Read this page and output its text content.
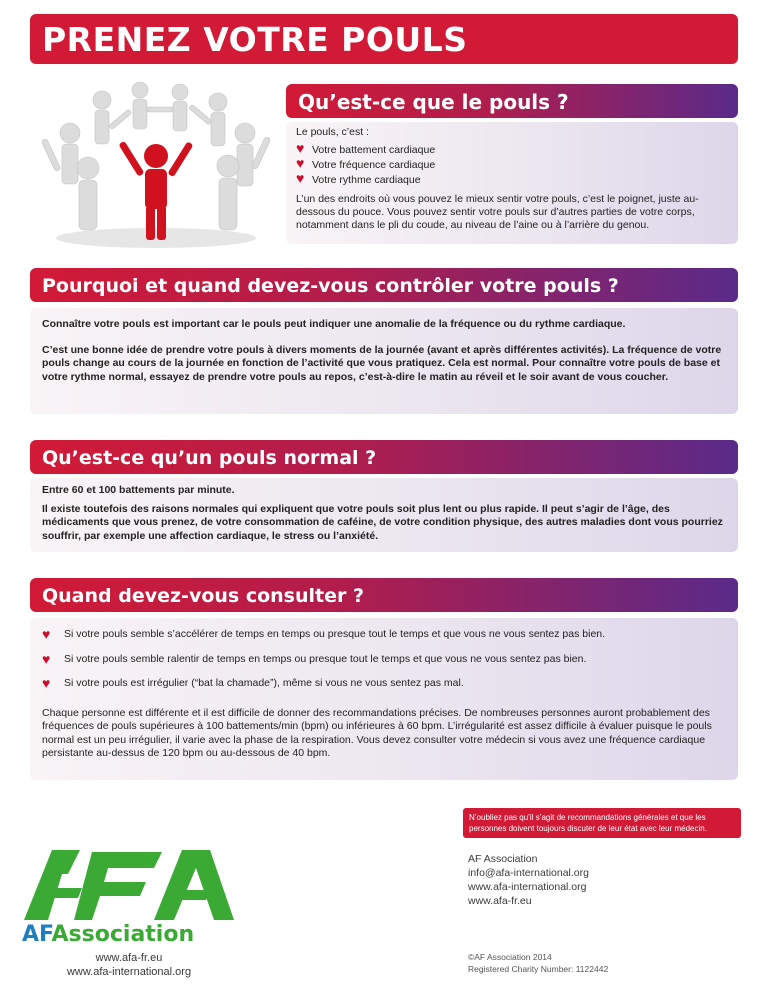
PRENEZ VOTRE POULS
Qu’est-ce que le pouls ?

Le pouls, c’est :

♥ Votre battement cardiaque
♥ Votre fréquence cardiaque
♥ Votre rythme cardiaque

L’un des endroits où vous pouvez le mieux sentir votre pouls, c’est le poignet, juste au-dessous du pouce. Vous pouvez sentir votre pouls sur d’autres parties de votre corps, notamment dans le pli du coude, au niveau de l’aine ou à l’arrière du genou.

Pourquoi et quand devez-vous contrôler votre pouls ?

Connaître votre pouls est important car le pouls peut indiquer une anomalie de la fréquence ou du rythme cardiaque.

C’est une bonne idée de prendre votre pouls à divers moments de la journée (avant et après différentes activités). La fréquence de votre pouls change au cours de la journée en fonction de l’activité que vous pratiquez. Cela est normal. Pour connaître votre pouls de base et votre rythme normal, essayez de prendre votre pouls au repos, c’est-à-dire le matin au réveil et le soir avant de vous coucher.

Qu’est-ce qu’un pouls normal ?

Entre 60 et 100 battements par minute.

Il existe toutefois des raisons normales qui expliquent que votre pouls soit plus lent ou plus rapide. Il peut s’agir de l’âge, des médicaments que vous prenez, de votre consommation de caféine, de votre condition physique, des autres maladies dont vous pourriez souffrir, par exemple une affection cardiaque, le stress ou l’anxiété.

Quand devez-vous consulter ?
♥	Si votre pouls semble s’accélérer de temps en temps ou presque tout le temps et que vous ne vous sentez pas bien.
♥	Si votre pouls semble ralentir de temps en temps ou presque tout le temps et que vous ne vous sentez pas bien.
♥	Si votre pouls est irrégulier (“bat la chamade”), même si vous ne vous sentez pas mal.

Chaque personne est différente et il est difficile de donner des recommandations précises. De nombreuses personnes auront probablement des fréquences de pouls supérieures à 100 battements/min (bpm) ou inférieures à 60 bpm. L’irrégularité est assez difficile à évaluer puisque le pouls normal est un peu irrégulier, il varie avec la phase de la respiration. Vous devez consulter votre médecin si vous avez une fréquence cardiaque persistante au-dessus de 120 bpm ou au-dessous de 40 bpm.

N’oubliez pas qu’il s’agit de recommandations générales et que les personnes doivent toujours discuter de leur état avec leur médecin.
AF Association
info@afa-international.org
www.afa-international.org
www.afa-fr.eu
©AF Association 2014
Registered Charity Number: 1122442
AFAssociation
www.afa-fr.eu
www.afa-international.org
